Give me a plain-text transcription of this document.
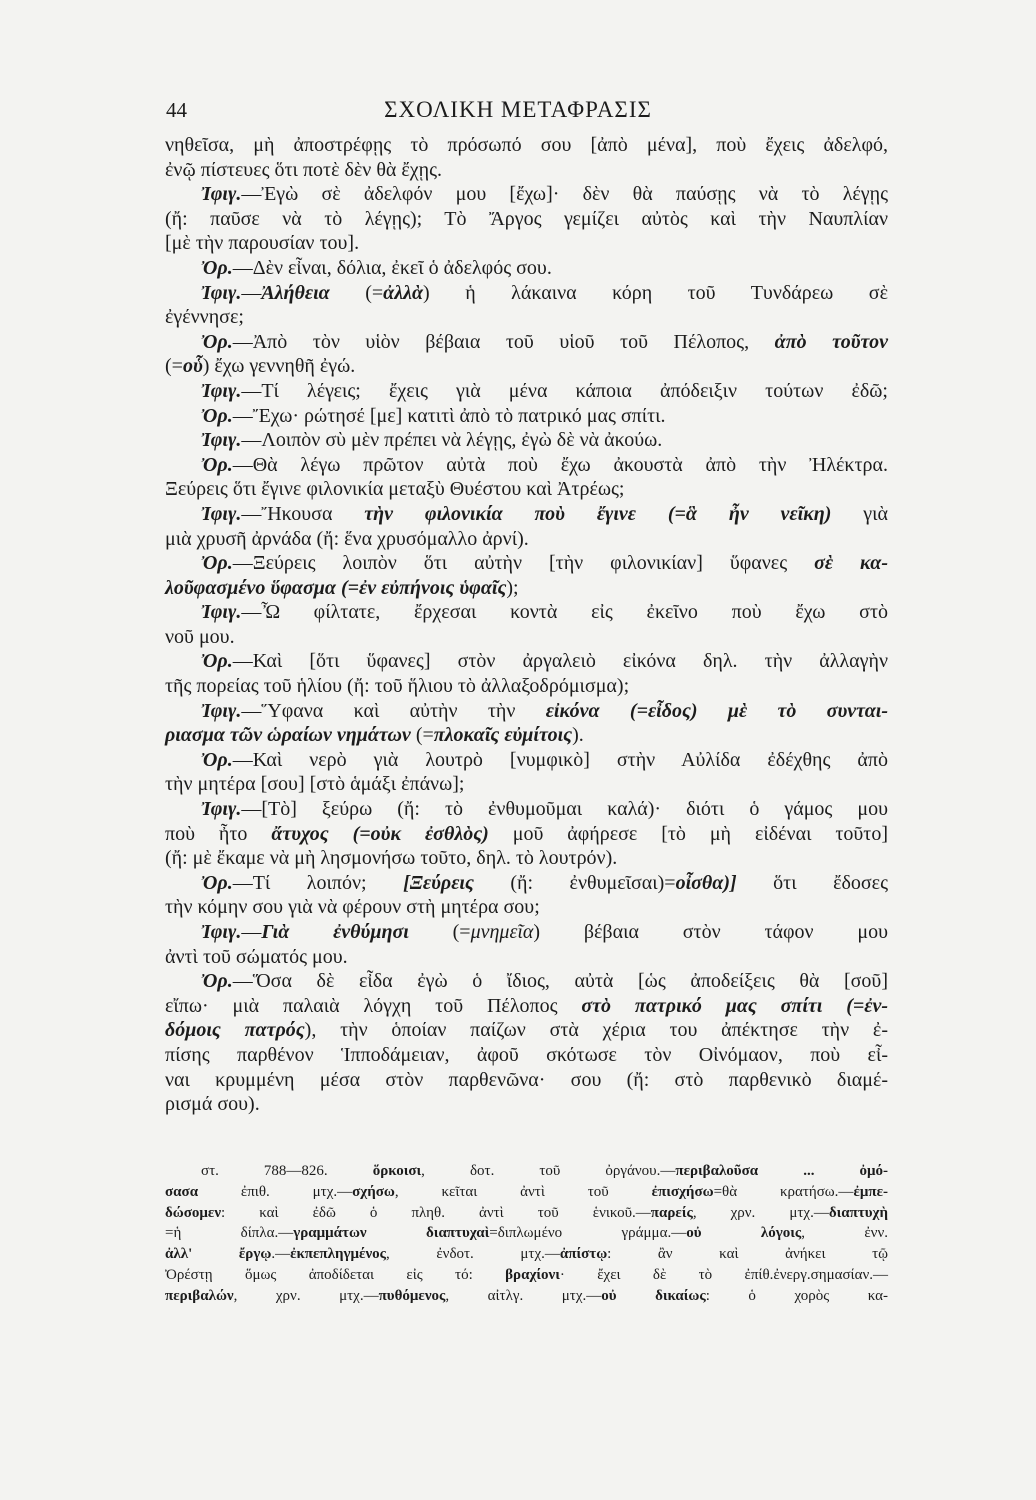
44	ΣΧΟΛΙΚΗ ΜΕΤΑΦΡΑΣΙΣ
νηθεῖσα, μὴ ἀποστρέφῃς τὸ πρόσωπό σου [ἀπὸ μένα], ποὺ ἔχεις ἀδελφό,
ἐνῷ πίστευες ὅτι ποτὲ δὲν θὰ ἔχῃς.
Ἰφιγ.—Ἐγὼ σὲ ἀδελφόν μου [ἔχω]· δὲν θὰ παύσῃς νὰ τὸ λέγῃς
(ἤ: παῦσε νὰ τὸ λέγῃς); Τὸ Ἄργος γεμίζει αὐτὸς καὶ τὴν Ναυπλίαν
[μὲ τὴν παρουσίαν του].
Ὀρ.—Δὲν εἶναι, δόλια, ἐκεῖ ὁ ἀδελφός σου.
Ἰφιγ.—Ἀλήθεια (=ἀλλὰ) ἡ λάκαινα κόρη τοῦ Τυνδάρεω σὲ
ἐγέννησε;
Ὀρ.—Ἀπὸ τὸν υἱὸν βέβαια τοῦ υἱοῦ τοῦ Πέλοπος, ἀπὸ τοῦτον
(=οὗ) ἔχω γεννηθῆ ἐγώ.
Ἰφιγ.—Τί λέγεις; ἔχεις γιὰ μένα κάποια ἀπόδειξιν τούτων ἐδῶ;
Ὀρ.—Ἔχω· ρώτησέ [με] κατιτὶ ἀπὸ τὸ πατρικό μας σπίτι.
Ἰφιγ.—Λοιπὸν σὺ μὲν πρέπει νὰ λέγῃς, ἐγὼ δὲ νὰ ἀκούω.
Ὀρ.—Θὰ λέγω πρῶτον αὐτὰ ποὺ ἔχω ἀκουστὰ ἀπὸ τὴν Ἠλέκτρα.
Ξεύρεις ὅτι ἔγινε φιλονικία μεταξὺ Θυέστου καὶ Ἀτρέως;
Ἰφιγ.—Ἤκουσα τὴν φιλονικία ποὺ ἔγινε (=ἃ ἦν νεῖκη) γιὰ
μιὰ χρυσῆ ἀρνάδα (ἤ: ἕνα χρυσόμαλλο ἀρνί).
Ὀρ.—Ξεύρεις λοιπὸν ὅτι αὐτὴν [τὴν φιλονικίαν] ὕφανες σὲ κα-
λοῦφασμένο ὕφασμα (=ἐν εὐπήνοις ὑφαῖς);
Ἰφιγ.—Ὦ φίλτατε, ἔρχεσαι κοντὰ εἰς ἐκεῖνο ποὺ ἔχω στὸ
νοῦ μου.
Ὀρ.—Καὶ [ὅτι ὕφανες] στὸν ἀργαλειὸ εἰκόνα δηλ. τὴν ἀλλαγὴν
τῆς πορείας τοῦ ἡλίου (ἤ: τοῦ ἥλιου τὸ ἀλλαξοδρόμισμα);
Ἰφιγ.—Ὕφανα καὶ αὐτὴν τὴν εἰκόνα (=εἶδος) μὲ τὸ συνται-
ριασμα τῶν ὡραίων νημάτων (=πλοκαῖς εὐμίτοις).
Ὀρ.—Καὶ νερὸ γιὰ λουτρὸ [νυμφικὸ] στὴν Αὐλίδα ἐδέχθης ἀπὸ
τὴν μητέρα [σου] [στὸ ἁμάξι ἐπάνω];
Ἰφιγ.—[Τὸ] ξεύρω (ἤ: τὸ ἐνθυμοῦμαι καλά)· διότι ὁ γάμος μου
ποὺ ἦτο ἄτυχος (=οὐκ ἐσθλὸς) μοῦ ἀφήρεσε [τὸ μὴ εἰδέναι τοῦτο]
(ἤ: μὲ ἔκαμε νὰ μὴ λησμονήσω τοῦτο, δηλ. τὸ λουτρόν).
Ὀρ.—Τί λοιπόν; [Ξεύρεις (ἤ: ἐνθυμεῖσαι)=οἶσθα)] ὅτι ἔδοσες
τὴν κόμην σου γιὰ νὰ φέρουν στὴ μητέρα σου;
Ἰφιγ.—Γιὰ ἐνθύμησι (=μνημεῖα) βέβαια στὸν τάφον μου
ἀντὶ τοῦ σώματός μου.
Ὀρ.—Ὅσα δὲ εἶδα ἐγὼ ὁ ἴδιος, αὐτὰ [ὡς ἀποδείξεις θὰ [σοῦ]
εἴπω· μιὰ παλαιὰ λόγχη τοῦ Πέλοπος στὸ πατρικό μας σπίτι (=ἐν-
δόμοις πατρός), τὴν ὁποίαν παίζων στὰ χέρια του ἀπέκτησε τὴν ἐ-
πίσης παρθένον Ἱπποδάμειαν, ἀφοῦ σκότωσε τὸν Οἰνόμαον, ποὺ εἶ-
ναι κρυμμένη μέσα στὸν παρθενῶνα· σου (ἤ: στὸ παρθενικὸ διαμέ-
ρισμά σου).
στ. 788—826. ὅρκοισι, δοτ. τοῦ ὀργάνου.—περιβαλοῦσα ... ὀμό-
σασα ἐπιθ. μτχ.—σχήσω, κεῖται ἀντὶ τοῦ ἐπισχήσω=θὰ κρατήσω.—ἐμπε-
δώσομεν: καὶ ἐδῶ ὁ πληθ. ἀντὶ τοῦ ἑνικοῦ.—παρείς, χρν. μτχ.—διαπτυχὴ
=ἡ δίπλα.—γραμμάτων διαπτυχαὶ=διπλωμένο γράμμα.—οὐ λόγοις, ἐνν.
ἀλλ' ἔργῳ.—ἐκπεπληγμένος, ἐνδοτ. μτχ.—ἀπίστῳ: ἂν καὶ ἀνήκει τῷ
Ὀρέστῃ ὅμως ἀποδίδεται εἰς τό: βραχίονι· ἔχει δὲ τὸ ἐπίθ.ἐνεργ.σημασίαν.—
περιβαλών, χρν. μτχ.—πυθόμενος, αἰτλγ. μτχ.—οὐ δικαίως: ὁ χορὸς κα-
